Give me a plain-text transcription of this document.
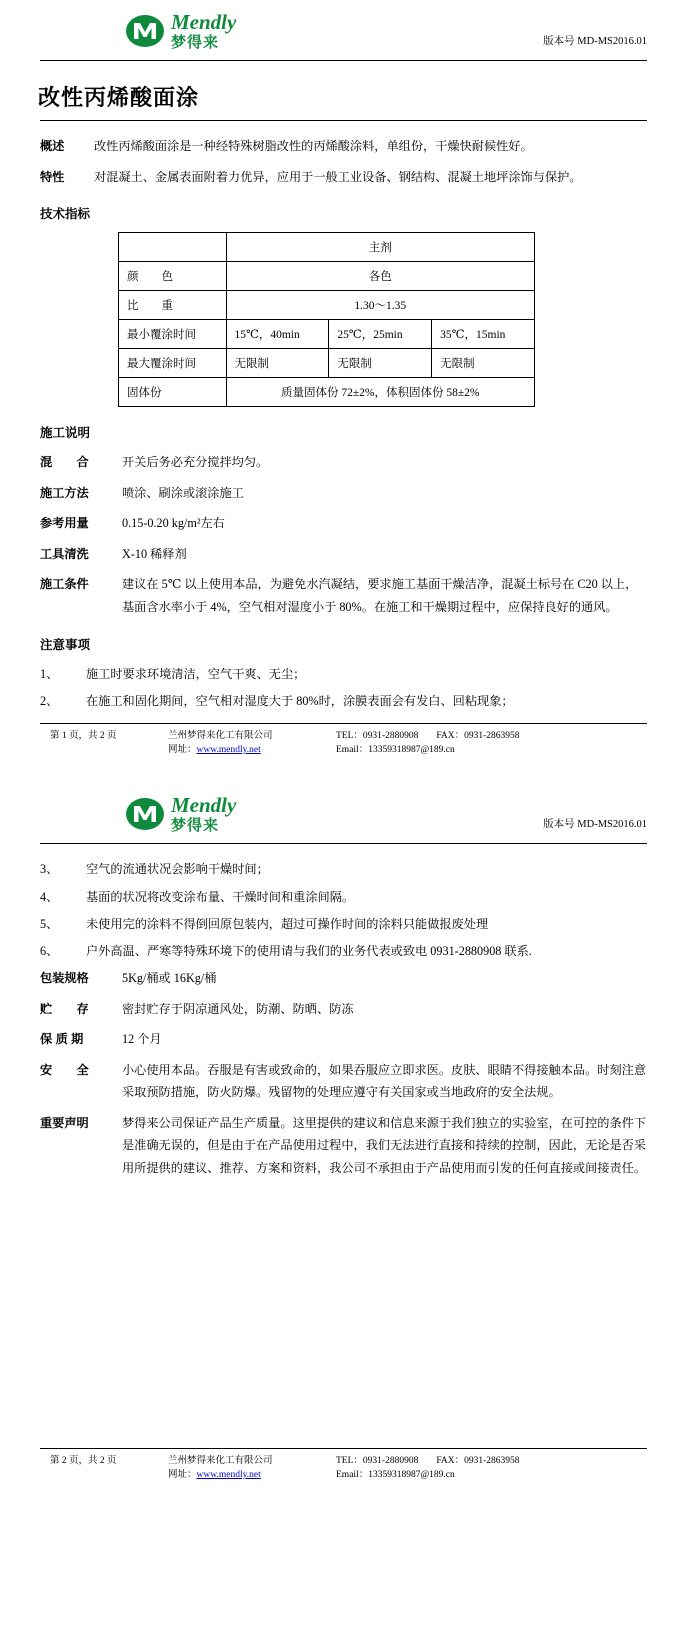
Mendly
梦得来	版本号 MD-MS2016.01
改性丙烯酸面涂
概述	改性丙烯酸面涂是一种经特殊树脂改性的丙烯酸涂料，单组份，干燥快耐候性好。
特性	对混凝土、金属表面附着力优异，应用于一般工业设备、钢结构、混凝土地坪涂饰与保护。
技术指标
	主剂		
颜　　色	各色		
比　　重	1.30～1.35		
最小覆涂时间	15℃，40min	25℃，25min	35℃，15min
最大覆涂时间	无限制	无限制	无限制
固体份	质量固体份 72±2%，体积固体份 58±2%		
施工说明
混　　合	开关后务必充分搅拌均匀。
施工方法	喷涂、刷涂或滚涂施工
参考用量	0.15-0.20 kg/m²左右
工具清洗	X-10 稀释剂
施工条件	建议在 5℃ 以上使用本品，为避免水汽凝结，要求施工基面干燥洁净，混凝土标号在 C20 以上，基面含水率小于 4%，空气相对湿度小于 80%。在施工和干燥期过程中，应保持良好的通风。
注意事项
1、	施工时要求环境清洁，空气干爽、无尘；
2、	在施工和固化期间，空气相对湿度大于 80%时，涂膜表面会有发白、回粘现象；
第 1 页，共 2 页	兰州梦得来化工有限公司	TEL：0931-2880908 FAX：0931-2863958
网址：www.mendly.net	Email：13359318987@189.cn
Mendly
梦得来	版本号 MD-MS2016.01
3、	空气的流通状况会影响干燥时间；
4、	基面的状况将改变涂布量、干燥时间和重涂间隔。
5、	未使用完的涂料不得倒回原包装内，超过可操作时间的涂料只能做报废处理
6、	户外高温、严寒等特殊环境下的使用请与我们的业务代表或致电 0931-2880908 联系.
包装规格	5Kg/桶或 16Kg/桶
贮　　存	密封贮存于阴凉通风处，防潮、防晒、防冻
保 质 期	12 个月
安　　全	小心使用本品。吞服是有害或致命的，如果吞服应立即求医。皮肤、眼睛不得接触本品。时刻注意采取预防措施，防火防爆。残留物的处理应遵守有关国家或当地政府的安全法规。
重要声明	梦得来公司保证产品生产质量。这里提供的建议和信息来源于我们独立的实验室，在可控的条件下是准确无误的，但是由于在产品使用过程中，我们无法进行直接和持续的控制，因此，无论是否采用所提供的建议、推荐、方案和资料，我公司不承担由于产品使用而引发的任何直接或间接责任。
第 2 页，共 2 页	兰州梦得来化工有限公司	TEL：0931-2880908 FAX：0931-2863958
网址：www.mendly.net	Email：13359318987@189.cn
